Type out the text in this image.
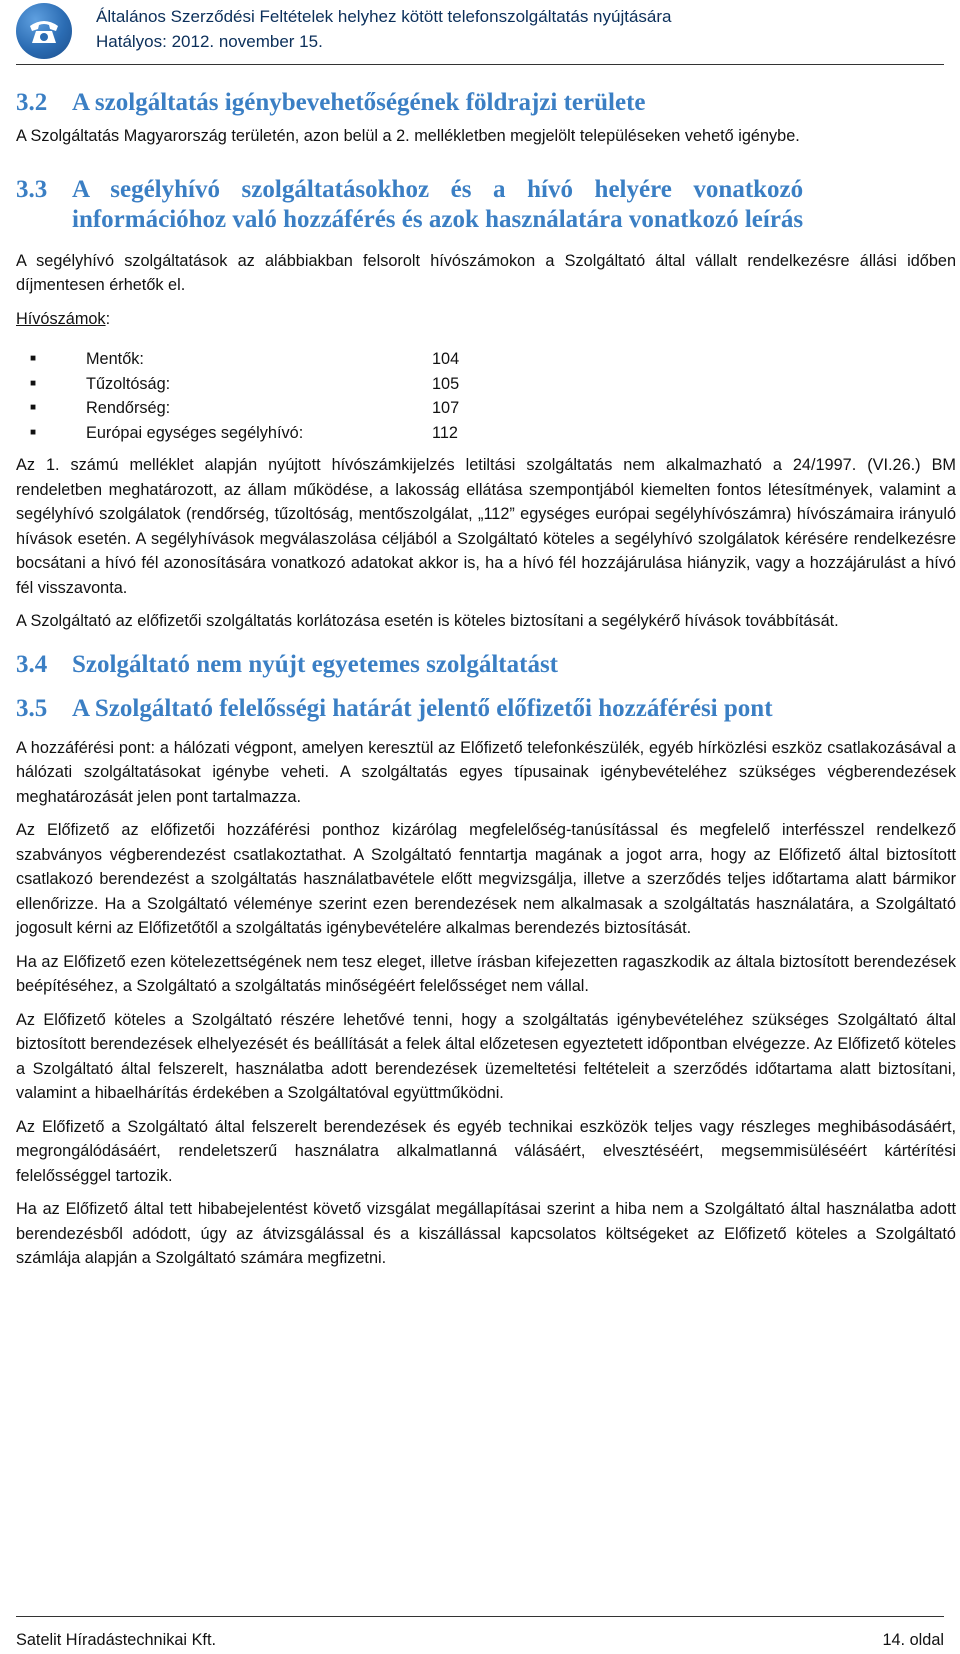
Általános Szerződési Feltételek helyhez kötött telefonszolgáltatás nyújtására
Hatályos: 2012. november 15.
3.2 A szolgáltatás igénybevehetőségének földrajzi területe

A Szolgáltatás Magyarország területén, azon belül a 2. mellékletben megjelölt településeken vehető igénybe.

3.3 A segélyhívó szolgáltatásokhoz és a hívó helyére vonatkozó
információhoz való hozzáférés és azok használatára vonatkozó leírás

A segélyhívó szolgáltatások az alábbiakban felsorolt hívószámokon a Szolgáltató által vállalt rendelkezésre állási időben díjmentesen érhetők el.

Hívószámok:

■	Mentők:	104
■	Tűzoltóság:	105
■	Rendőrség:	107
■	Európai egységes segélyhívó:	112

Az 1. számú melléklet alapján nyújtott hívószámkijelzés letiltási szolgáltatás nem alkalmazható a 24/1997. (VI.26.) BM rendeletben meghatározott, az állam működése, a lakosság ellátása szempontjából kiemelten fontos létesítmények, valamint a segélyhívó szolgálatok (rendőrség, tűzoltóság, mentőszolgálat, „112” egységes európai segélyhívószámra) hívószámaira irányuló hívások esetén. A segélyhívások megválaszolása céljából a Szolgáltató köteles a segélyhívó szolgálatok kérésére rendelkezésre bocsátani a hívó fél azonosítására vonatkozó adatokat akkor is, ha a hívó fél hozzájárulása hiányzik, vagy a hozzájárulást a hívó fél visszavonta.

A Szolgáltató az előfizetői szolgáltatás korlátozása esetén is köteles biztosítani a segélykérő hívások továbbítását.

3.4 Szolgáltató nem nyújt egyetemes szolgáltatást
3.5 A Szolgáltató felelősségi határát jelentő előfizetői hozzáférési pont

A hozzáférési pont: a hálózati végpont, amelyen keresztül az Előfizető telefonkészülék, egyéb hírközlési eszköz csatlakozásával a hálózati szolgáltatásokat igénybe veheti. A szolgáltatás egyes típusainak igénybevételéhez szükséges végberendezések meghatározását jelen pont tartalmazza.

Az Előfizető az előfizetői hozzáférési ponthoz kizárólag megfelelőség-tanúsítással és megfelelő interfésszel rendelkező szabványos végberendezést csatlakoztathat. A Szolgáltató fenntartja magának a jogot arra, hogy az Előfizető által biztosított csatlakozó berendezést a szolgáltatás használatbavétele előtt megvizsgálja, illetve a szerződés teljes időtartama alatt bármikor ellenőrizze. Ha a Szolgáltató véleménye szerint ezen berendezések nem alkalmasak a szolgáltatás használatára, a Szolgáltató jogosult kérni az Előfizetőtől a szolgáltatás igénybevételére alkalmas berendezés biztosítását.

Ha az Előfizető ezen kötelezettségének nem tesz eleget, illetve írásban kifejezetten ragaszkodik az általa biztosított berendezések beépítéséhez, a Szolgáltató a szolgáltatás minőségéért felelősséget nem vállal.

Az Előfizető köteles a Szolgáltató részére lehetővé tenni, hogy a szolgáltatás igénybevételéhez szükséges Szolgáltató által biztosított berendezések elhelyezését és beállítását a felek által előzetesen egyeztetett időpontban elvégezze. Az Előfizető köteles a Szolgáltató által felszerelt, használatba adott berendezések üzemeltetési feltételeit a szerződés időtartama alatt biztosítani, valamint a hibaelhárítás érdekében a Szolgáltatóval együttműködni.

Az Előfizető a Szolgáltató által felszerelt berendezések és egyéb technikai eszközök teljes vagy részleges meghibásodásáért, megrongálódásáért, rendeletszerű használatra alkalmatlanná válásáért, elvesztéséért, megsemmisüléséért kártérítési felelősséggel tartozik.

Ha az Előfizető által tett hibabejelentést követő vizsgálat megállapításai szerint a hiba nem a Szolgáltató által használatba adott berendezésből adódott, úgy az átvizsgálással és a kiszállással kapcsolatos költségeket az Előfizető köteles a Szolgáltató számlája alapján a Szolgáltató számára megfizetni.

Satelit Híradástechnikai Kft.	14. oldal
